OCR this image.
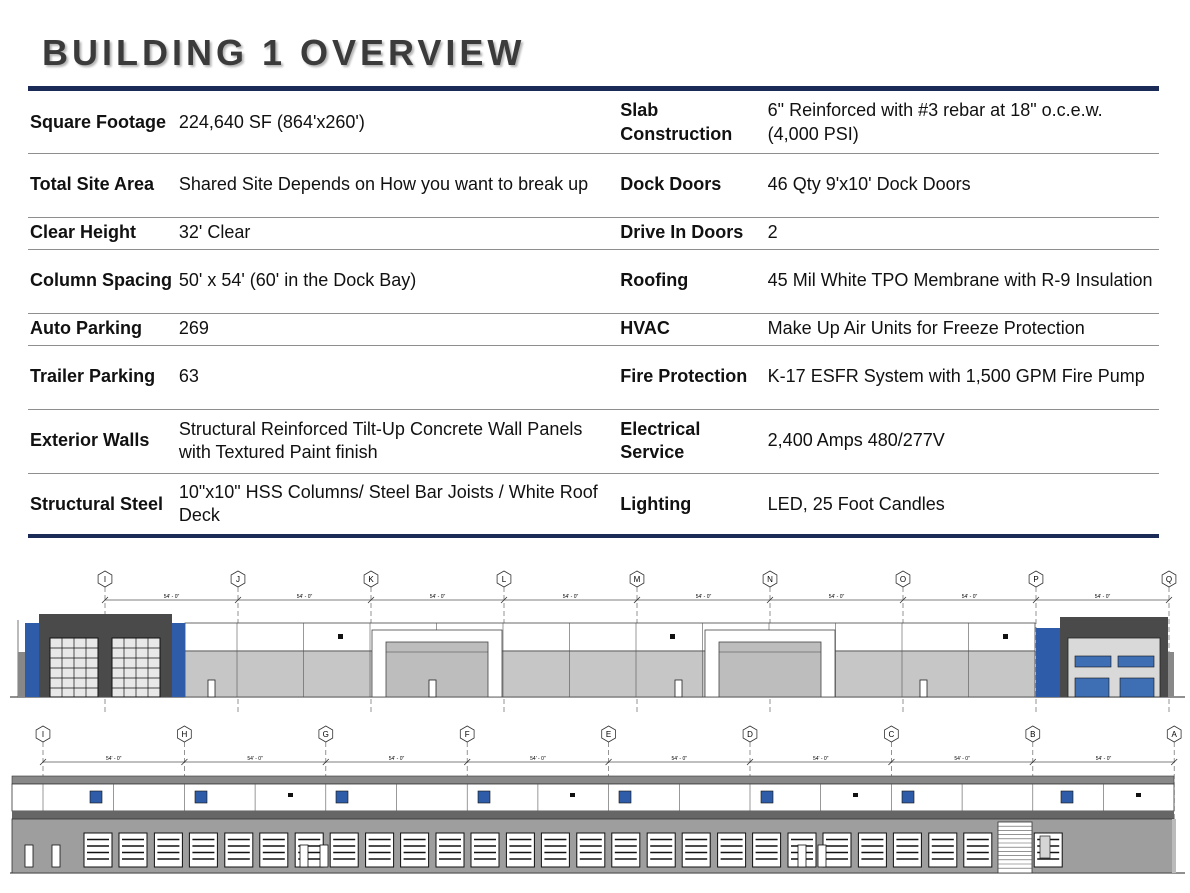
BUILDING 1 OVERVIEW
Square Footage	224,640 SF (864'x260')	Slab Construction	6" Reinforced with #3 rebar at 18" o.c.e.w. (4,000 PSI)
Total Site Area	Shared Site Depends on How you want to break up	Dock Doors	46 Qty 9'x10' Dock Doors
Clear Height	32' Clear	Drive In Doors	2
Column Spacing	50' x 54' (60' in the Dock Bay)	Roofing	45 Mil White TPO Membrane with R-9 Insulation
Auto Parking	269	HVAC	Make Up Air Units for Freeze Protection
Trailer Parking	63	Fire Protection	K-17 ESFR System with 1,500 GPM Fire Pump
Exterior Walls	Structural Reinforced Tilt-Up Concrete Wall Panels with Textured Paint finish	Electrical Service	2,400 Amps 480/277V
Structural Steel	10"x10" HSS Columns/ Steel Bar Joists / White Roof Deck	Lighting	LED, 25 Foot Candles
I
54' - 0"
J
54' - 0"
K
54' - 0"
L
54' - 0"
M
54' - 0"
N
54' - 0"
O
54' - 0"
P
54' - 0"
Q
I
54' - 0"
H
54' - 0"
G
54' - 0"
F
54' - 0"
E
54' - 0"
D
54' - 0"
C
54' - 0"
B
54' - 0"
A
